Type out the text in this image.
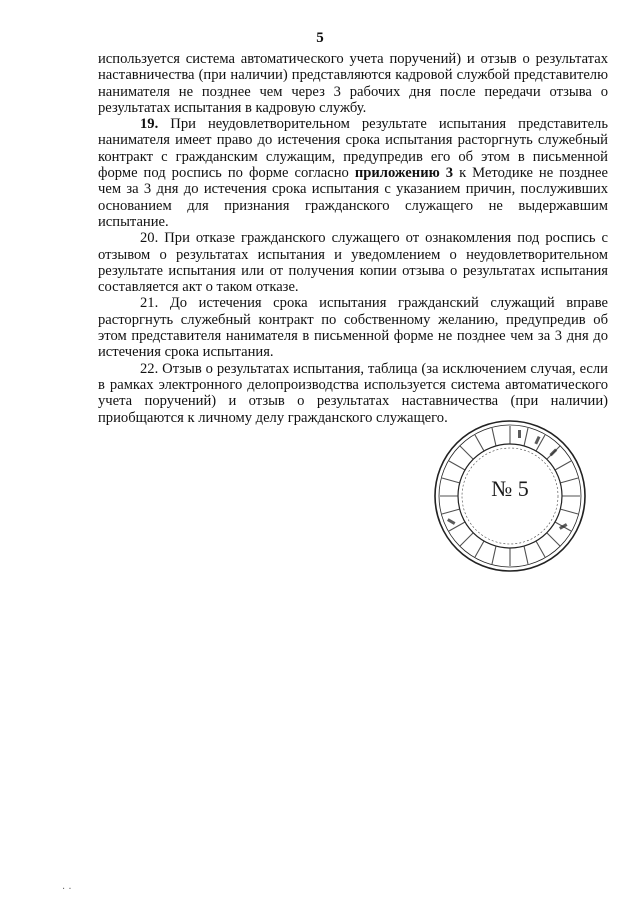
5

используется система автоматического учета поручений) и отзыв о результатах наставничества (при наличии) представляются кадровой службой представителю нанимателя не позднее чем через 3 рабочих дня после передачи отзыва о результатах испытания в кадровую службу.

19. При неудовлетворительном результате испытания представитель нанимателя имеет право до истечения срока испытания расторгнуть служебный контракт с гражданским служащим, предупредив его об этом в письменной форме под роспись по форме согласно приложению 3 к Методике не позднее чем за 3 дня до истечения срока испытания с указанием причин, послуживших основанием для признания гражданского служащего не выдержавшим испытание.

20. При отказе гражданского служащего от ознакомления под роспись с отзывом о результатах испытания и уведомлением о неудовлетворительном результате испытания или от получения копии отзыва о результатах испытания составляется акт о таком отказе.

21. До истечения срока испытания гражданский служащий вправе расторгнуть служебный контракт по собственному желанию, предупредив об этом представителя нанимателя в письменной форме не позднее чем за 3 дня до истечения срока испытания.

22. Отзыв о результатах испытания, таблица (за исключением случая, если в рамках электронного делопроизводства используется система автоматического учета поручений) и отзыв о результатах наставничества (при наличии) приобщаются к личному делу гражданского служащего.

№ 5
· ·
